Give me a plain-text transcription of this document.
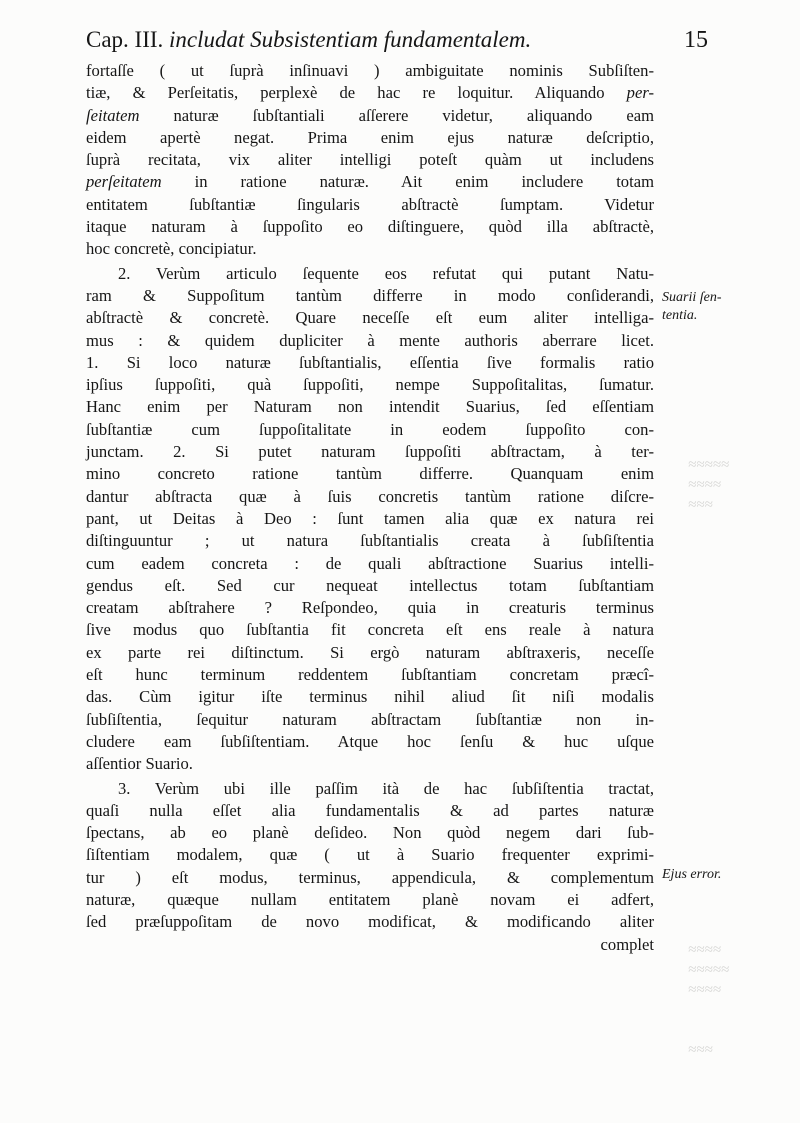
≈≈≈≈≈
≈≈≈≈
≈≈≈
≈≈≈≈
≈≈≈≈≈
≈≈≈≈
≈≈≈
Cap. III. includat Subsistentiam fundamentalem.	15
fortaſſe ( ut ſuprà inſinuavi ) ambiguitate nominis Subſiſten-
tiæ, & Perſeitatis, perplexè de hac re loquitur. Aliquando per-
ſeitatem naturæ ſubſtantiali aſſerere videtur, aliquando eam
eidem apertè negat. Prima enim ejus naturæ deſcriptio,
ſuprà recitata, vix aliter intelligi poteſt quàm ut includens
perſeitatem in ratione naturæ. Ait enim includere totam
entitatem ſubſtantiæ ſingularis abſtractè ſumptam. Videtur
itaque naturam à ſuppoſito eo diſtinguere, quòd illa abſtractè,
hoc concretè, concipiatur.
2. Verùm articulo ſequente eos refutat qui putant Natu-
ram & Suppoſitum tantùm differre in modo conſiderandi,
abſtractè & concretè. Quare neceſſe eſt eum aliter intelliga-
mus : & quidem dupliciter à mente authoris aberrare licet.
1. Si loco naturæ ſubſtantialis, eſſentia ſive formalis ratio
ipſius ſuppoſiti, quà ſuppoſiti, nempe Suppoſitalitas, ſumatur.
Hanc enim per Naturam non intendit Suarius, ſed eſſentiam
ſubſtantiæ cum ſuppoſitalitate in eodem ſuppoſito con-
junctam. 2. Si putet naturam ſuppoſiti abſtractam, à ter-
mino concreto ratione tantùm differre. Quanquam enim
dantur abſtracta quæ à ſuis concretis tantùm ratione diſcre-
pant, ut Deitas à Deo : ſunt tamen alia quæ ex natura rei
diſtinguuntur ; ut natura ſubſtantialis creata à ſubſiſtentia
cum eadem concreta : de quali abſtractione Suarius intelli-
gendus eſt. Sed cur nequeat intellectus totam ſubſtantiam
creatam abſtrahere ? Reſpondeo, quia in creaturis terminus
ſive modus quo ſubſtantia fit concreta eſt ens reale à natura
ex parte rei diſtinctum. Si ergò naturam abſtraxeris, neceſſe
eſt hunc terminum reddentem ſubſtantiam concretam præcî-
das. Cùm igitur iſte terminus nihil aliud ſit niſi modalis
ſubſiſtentia, ſequitur naturam abſtractam ſubſtantiæ non in-
cludere eam ſubſiſtentiam. Atque hoc ſenſu & huc uſque
aſſentior Suario.
3. Verùm ubi ille paſſim ità de hac ſubſiſtentia tractat,
quaſi nulla eſſet alia fundamentalis & ad partes naturæ
ſpectans, ab eo planè deſideo. Non quòd negem dari ſub-
ſiſtentiam modalem, quæ ( ut à Suario frequenter exprimi-
tur ) eſt modus, terminus, appendicula, & complementum
naturæ, quæque nullam entitatem planè novam ei adfert,
ſed præſuppoſitam de novo modificat, & modificando aliter
complet
Suarii ſen-
tentia.
Ejus error.
